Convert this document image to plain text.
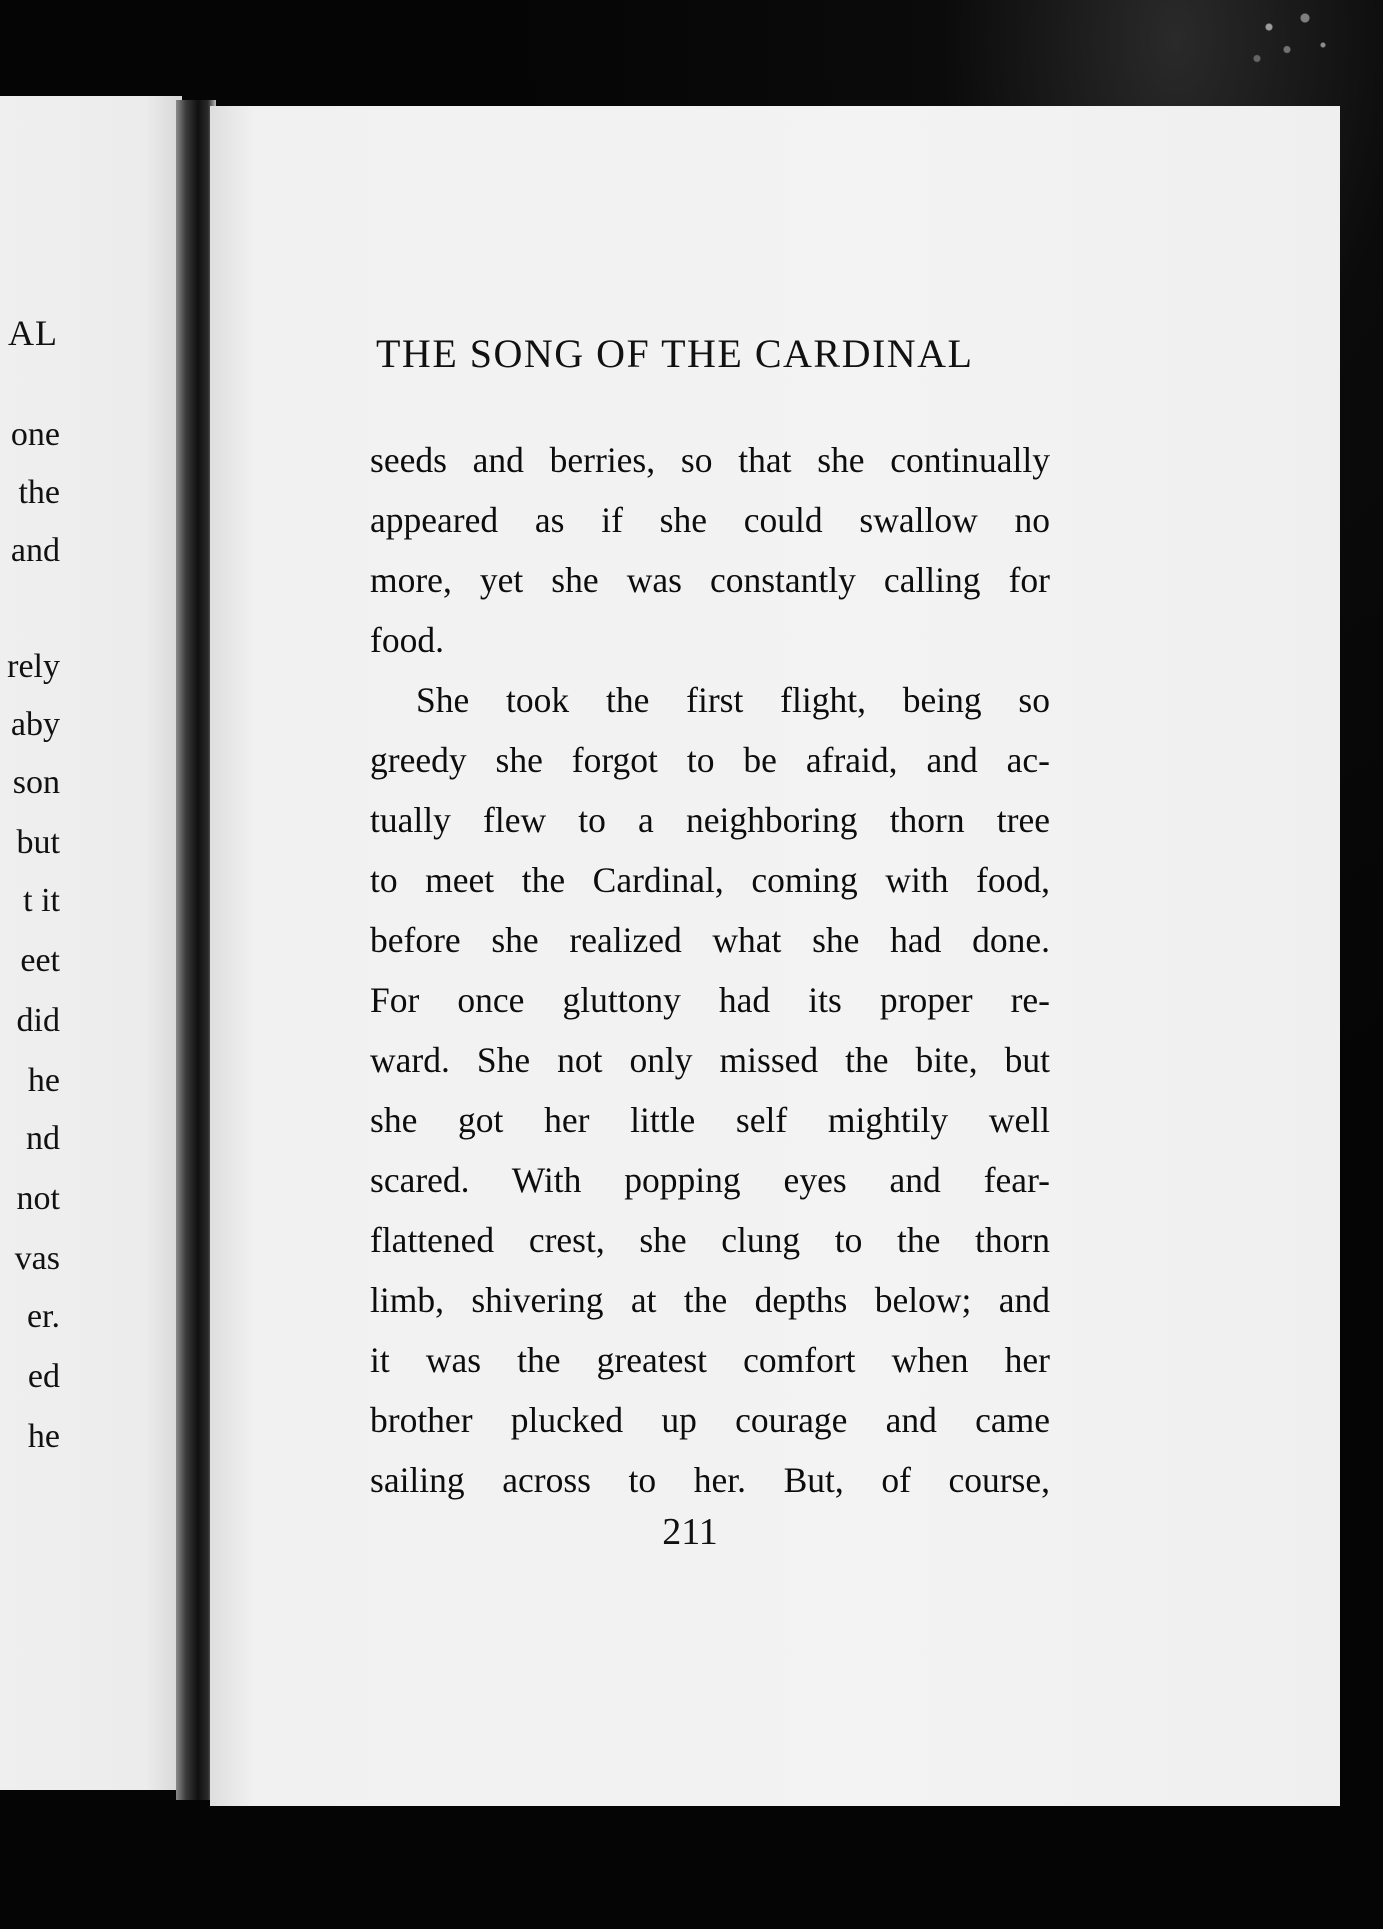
AL
one
the
and
rely
aby
son
but
t it
eet
did
he
nd
not
vas
er.
ed
he
THE SONG OF THE CARDINAL
seeds and berries, so that she continually
appeared as if she could swallow no
more, yet she was constantly calling for
food.
She took the first flight, being so
greedy she forgot to be afraid, and ac-
tually flew to a neighboring thorn tree
to meet the Cardinal, coming with food,
before she realized what she had done.
For once gluttony had its proper re-
ward. She not only missed the bite, but
she got her little self mightily well
scared. With popping eyes and fear-
flattened crest, she clung to the thorn
limb, shivering at the depths below; and
it was the greatest comfort when her
brother plucked up courage and came
sailing across to her. But, of course,
211
